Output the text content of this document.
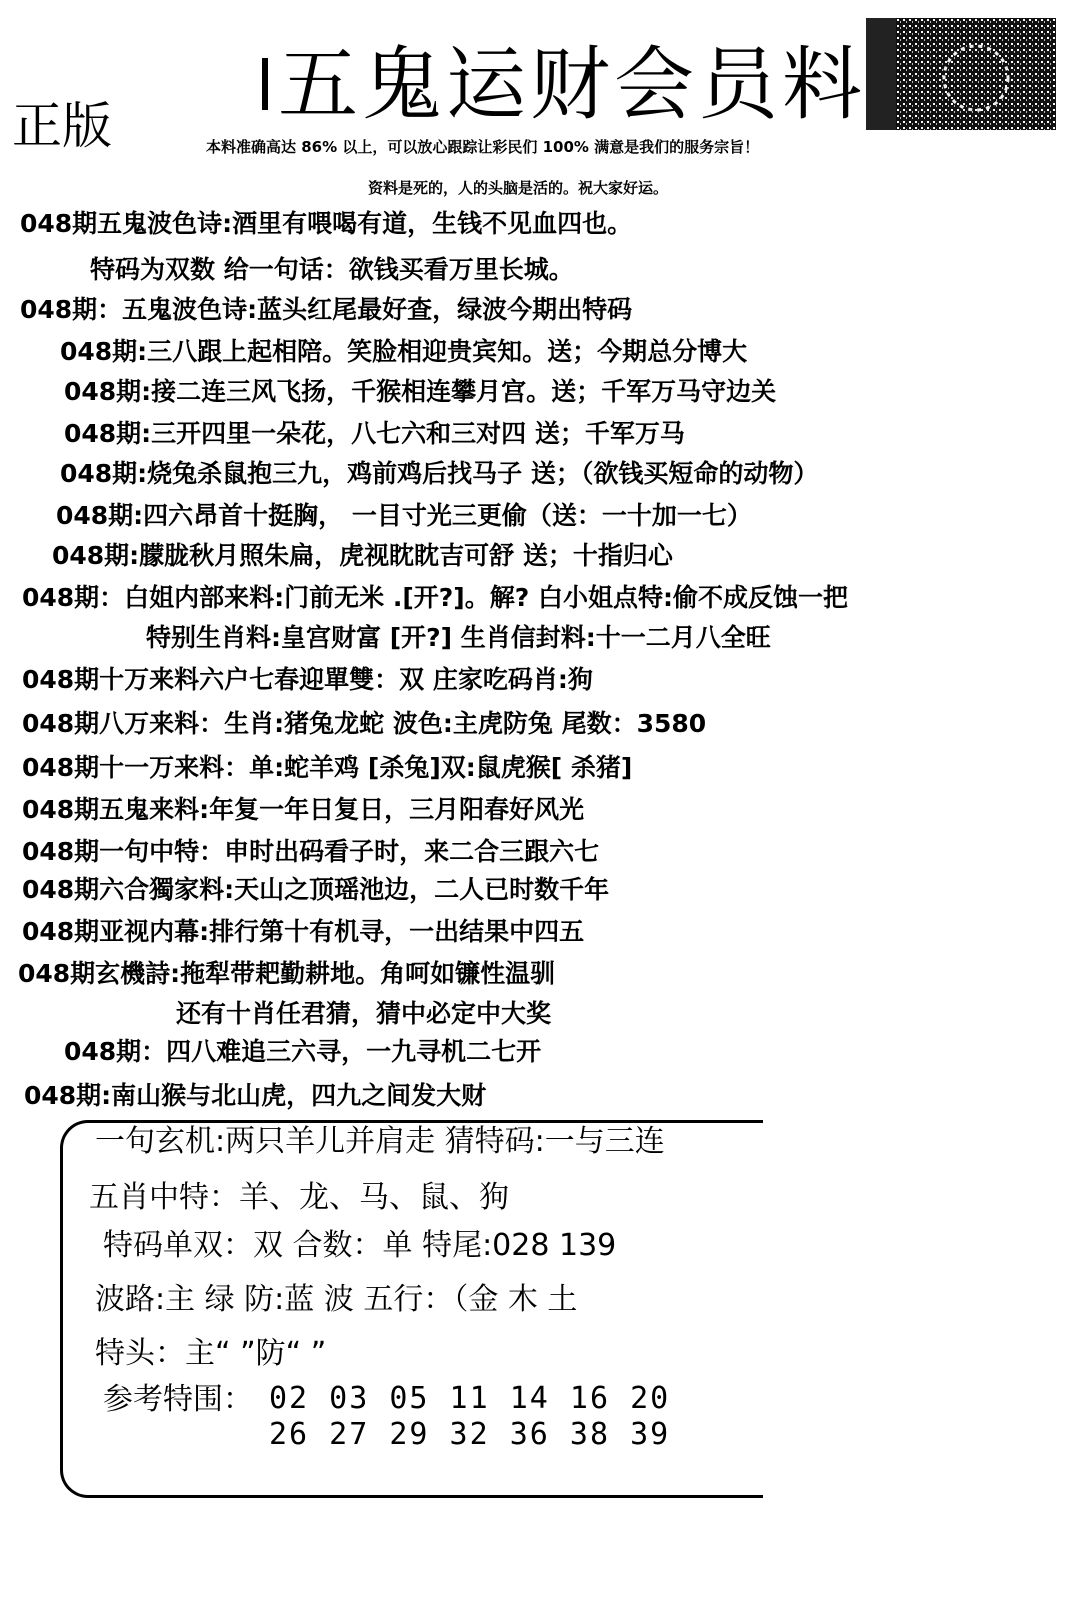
五鬼运财会员料
正版	本料准确高达 86% 以上，可以放心跟踪让彩民们 100% 满意是我们的服务宗旨！
资料是死的，人的头脑是活的。祝大家好运。
048期五鬼波色诗:酒里有喂喝有道，生钱不见血四也。
特码为双数 给一句话：欲钱买看万里长城。
048期：五鬼波色诗:蓝头红尾最好查，绿波今期出特码
048期:三八跟上起相陪。笑脸相迎贵宾知。送；今期总分博大
048期:接二连三风飞扬，千猴相连攀月宫。送；千军万马守边关
048期:三开四里一朵花，八七六和三对四 送；千军万马
048期:烧兔杀鼠抱三九，鸡前鸡后找马子 送；（欲钱买短命的动物）
048期:四六昂首十挺胸， 一目寸光三更偷（送：一十加一七）
048期:朦胧秋月照朱扁，虎视眈眈吉可舒 送；十指归心
048期：白姐内部来料:门前无米 .[开?]。解? 白小姐点特:偷不成反蚀一把
特别生肖料:皇宫财富 [开?] 生肖信封料:十一二月八全旺
048期十万来料六户七春迎單雙：双 庄家吃码肖:狗
048期八万来料：生肖:猪兔龙蛇 波色:主虎防兔 尾数：3580
048期十一万来料：单:蛇羊鸡 [杀兔]双:鼠虎猴[ 杀猪]
048期五鬼来料:年复一年日复日，三月阳春好风光
048期一句中特：申时出码看子时，来二合三跟六七
048期六合獨家料:天山之顶瑶池边，二人已时数千年
048期亚视内幕:排行第十有机寻，一出结果中四五
048期玄機詩:拖犁带耙勤耕地。角呵如镰性温驯
还有十肖任君猜，猜中必定中大奖
048期：四八难追三六寻，一九寻机二七开
048期:南山猴与北山虎，四九之间发大财
一句玄机:两只羊儿并肩走 猜特码:一与三连
五肖中特：羊、龙、马、鼠、狗
特码单双：双 合数：单 特尾:028 139
波路:主 绿 防:蓝 波 五行：（金 木 土
特头：主“ ”防“ ”
参考特围： 02 03 05 11 14 16 20
26 27 29 32 36 38 39
